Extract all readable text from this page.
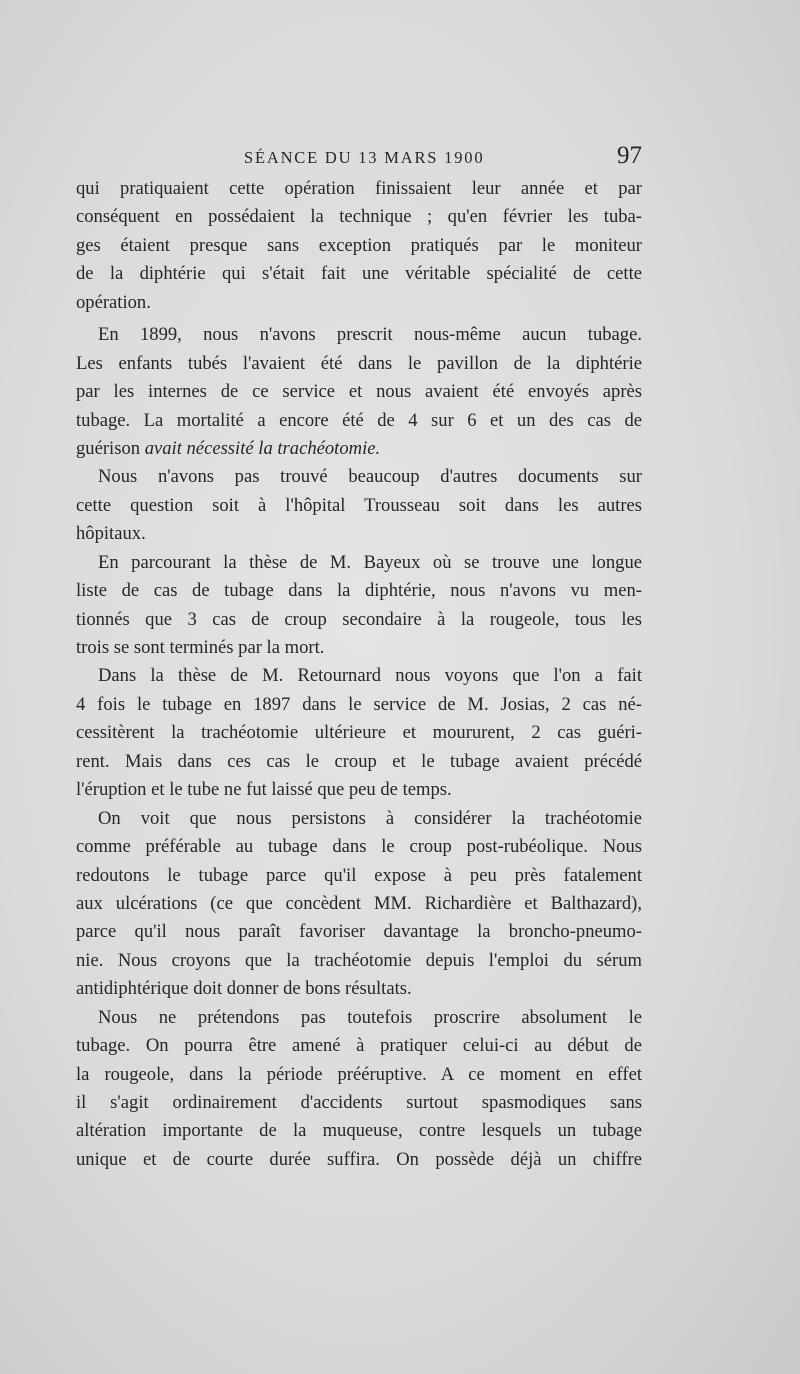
SÉANCE DU 13 MARS 1900	97
qui pratiquaient cette opération finissaient leur année et par
conséquent en possédaient la technique ; qu'en février les tuba-
ges étaient presque sans exception pratiqués par le moniteur
de la diphtérie qui s'était fait une véritable spécialité de cette
opération.
En 1899, nous n'avons prescrit nous-même aucun tubage.
Les enfants tubés l'avaient été dans le pavillon de la diphtérie
par les internes de ce service et nous avaient été envoyés après
tubage. La mortalité a encore été de 4 sur 6 et un des cas de
guérison avait nécessité la trachéotomie.
Nous n'avons pas trouvé beaucoup d'autres documents sur
cette question soit à l'hôpital Trousseau soit dans les autres
hôpitaux.
En parcourant la thèse de M. Bayeux où se trouve une longue
liste de cas de tubage dans la diphtérie, nous n'avons vu men-
tionnés que 3 cas de croup secondaire à la rougeole, tous les
trois se sont terminés par la mort.
Dans la thèse de M. Retournard nous voyons que l'on a fait
4 fois le tubage en 1897 dans le service de M. Josias, 2 cas né-
cessitèrent la trachéotomie ultérieure et moururent, 2 cas guéri-
rent. Mais dans ces cas le croup et le tubage avaient précédé
l'éruption et le tube ne fut laissé que peu de temps.
On voit que nous persistons à considérer la trachéotomie
comme préférable au tubage dans le croup post-rubéolique. Nous
redoutons le tubage parce qu'il expose à peu près fatalement
aux ulcérations (ce que concèdent MM. Richardière et Balthazard),
parce qu'il nous paraît favoriser davantage la broncho-pneumo-
nie. Nous croyons que la trachéotomie depuis l'emploi du sérum
antidiphtérique doit donner de bons résultats.
Nous ne prétendons pas toutefois proscrire absolument le
tubage. On pourra être amené à pratiquer celui-ci au début de
la rougeole, dans la période prééruptive. A ce moment en effet
il s'agit ordinairement d'accidents surtout spasmodiques sans
altération importante de la muqueuse, contre lesquels un tubage
unique et de courte durée suffira. On possède déjà un chiffre
